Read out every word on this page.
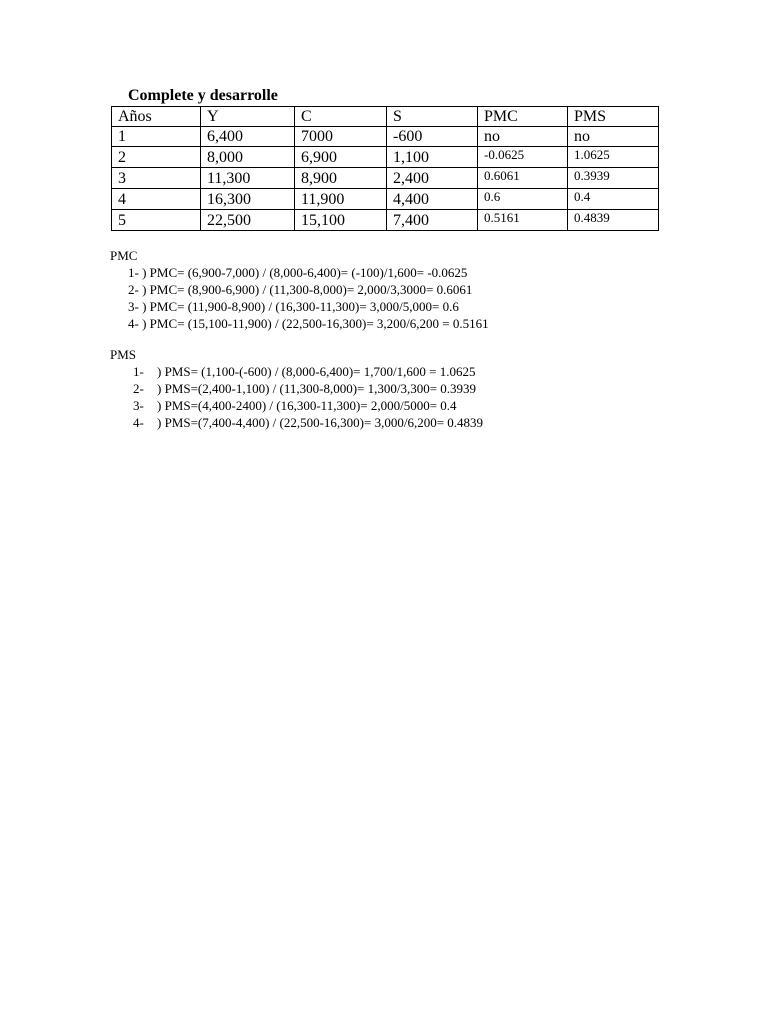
Complete y desarrolle
Años	Y	C	S	PMC	PMS
1	6,400	7000	-600	no	no
2	8,000	6,900	1,100	-0.0625	1.0625
3	11,300	8,900	2,400	0.6061	0.3939
4	16,300	11,900	4,400	0.6	0.4
5	22,500	15,100	7,400	0.5161	0.4839
PMC
1- ) PMC= (6,900-7,000) / (8,000-6,400)= (-100)/1,600= -0.0625
2- ) PMC= (8,900-6,900) / (11,300-8,000)= 2,000/3,3000= 0.6061
3- ) PMC= (11,900-8,900) / (16,300-11,300)= 3,000/5,000= 0.6
4- ) PMC= (15,100-11,900) / (22,500-16,300)= 3,200/6,200 = 0.5161
PMS
1- ) PMS= (1,100-(-600) / (8,000-6,400)= 1,700/1,600 = 1.0625
2- ) PMS=(2,400-1,100) / (11,300-8,000)= 1,300/3,300= 0.3939
3- ) PMS=(4,400-2400) / (16,300-11,300)= 2,000/5000= 0.4
4- ) PMS=(7,400-4,400) / (22,500-16,300)= 3,000/6,200= 0.4839
